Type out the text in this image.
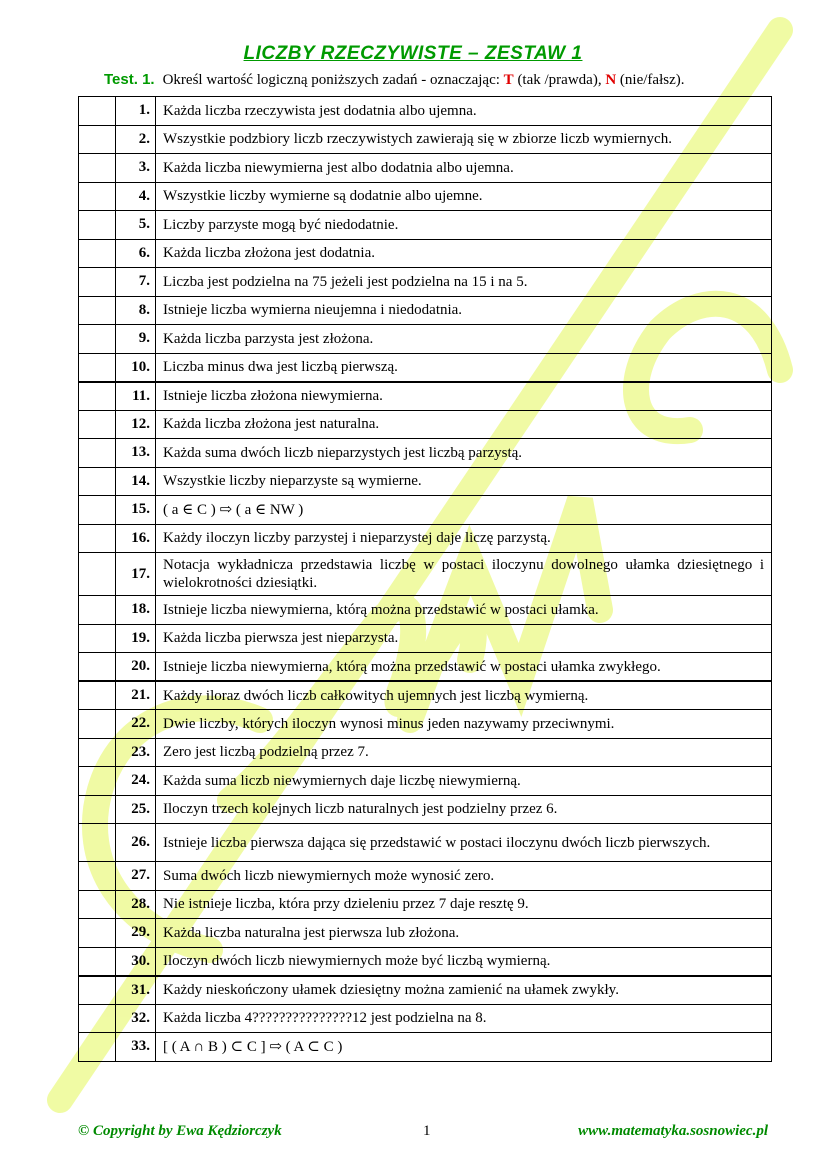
LICZBY RZECZYWISTE – ZESTAW 1
Test. 1. Określ wartość logiczną poniższych zadań - oznaczając: T (tak /prawda), N (nie/fałsz).
	1.	Każda liczba rzeczywista jest dodatnia albo ujemna.
	2.	Wszystkie podzbiory liczb rzeczywistych zawierają się w zbiorze liczb wymiernych.
	3.	Każda liczba niewymierna jest albo dodatnia albo ujemna.
	4.	Wszystkie liczby wymierne są dodatnie albo ujemne.
	5.	Liczby parzyste mogą być niedodatnie.
	6.	Każda liczba złożona jest dodatnia.
	7.	Liczba jest podzielna na 75 jeżeli jest podzielna na 15 i na 5.
	8.	Istnieje liczba wymierna nieujemna i niedodatnia.
	9.	Każda liczba parzysta jest złożona.
	10.	Liczba minus dwa jest liczbą pierwszą.
	11.	Istnieje liczba złożona niewymierna.
	12.	Każda liczba złożona jest naturalna.
	13.	Każda suma dwóch liczb nieparzystych jest liczbą parzystą.
	14.	Wszystkie liczby nieparzyste są wymierne.
	15.	( a ∈ C ) ⇨ ( a ∈ NW )
	16.	Każdy iloczyn liczby parzystej i nieparzystej daje liczę parzystą.
	17.	Notacja wykładnicza przedstawia liczbę w postaci iloczynu dowolnego ułamka dziesiętnego i wielokrotności dziesiątki.
	18.	Istnieje liczba niewymierna, którą można przedstawić w postaci ułamka.
	19.	Każda liczba pierwsza jest nieparzysta.
	20.	Istnieje liczba niewymierna, którą można przedstawić w postaci ułamka zwykłego.
	21.	Każdy iloraz dwóch liczb całkowitych ujemnych jest liczbą wymierną.
	22.	Dwie liczby, których iloczyn wynosi minus jeden nazywamy przeciwnymi.
	23.	Zero jest liczbą podzielną przez 7.
	24.	Każda suma liczb niewymiernych daje liczbę niewymierną.
	25.	Iloczyn trzech kolejnych liczb naturalnych jest podzielny przez 6.
	26.	Istnieje liczba pierwsza dająca się przedstawić w postaci iloczynu dwóch liczb pierwszych.
	27.	Suma dwóch liczb niewymiernych może wynosić zero.
	28.	Nie istnieje liczba, która przy dzieleniu przez 7 daje resztę 9.
	29.	Każda liczba naturalna jest pierwsza lub złożona.
	30.	Iloczyn dwóch liczb niewymiernych może być liczbą wymierną.
	31.	Każdy nieskończony ułamek dziesiętny można zamienić na ułamek zwykły.
	32.	Każda liczba 4???????????????12 jest podzielna na 8.
	33.	[ ( A ∩ B ) ⊂ C ] ⇨ ( A ⊂ C )
© Copyright by Ewa Kędziorczyk	1	www.matematyka.sosnowiec.pl
